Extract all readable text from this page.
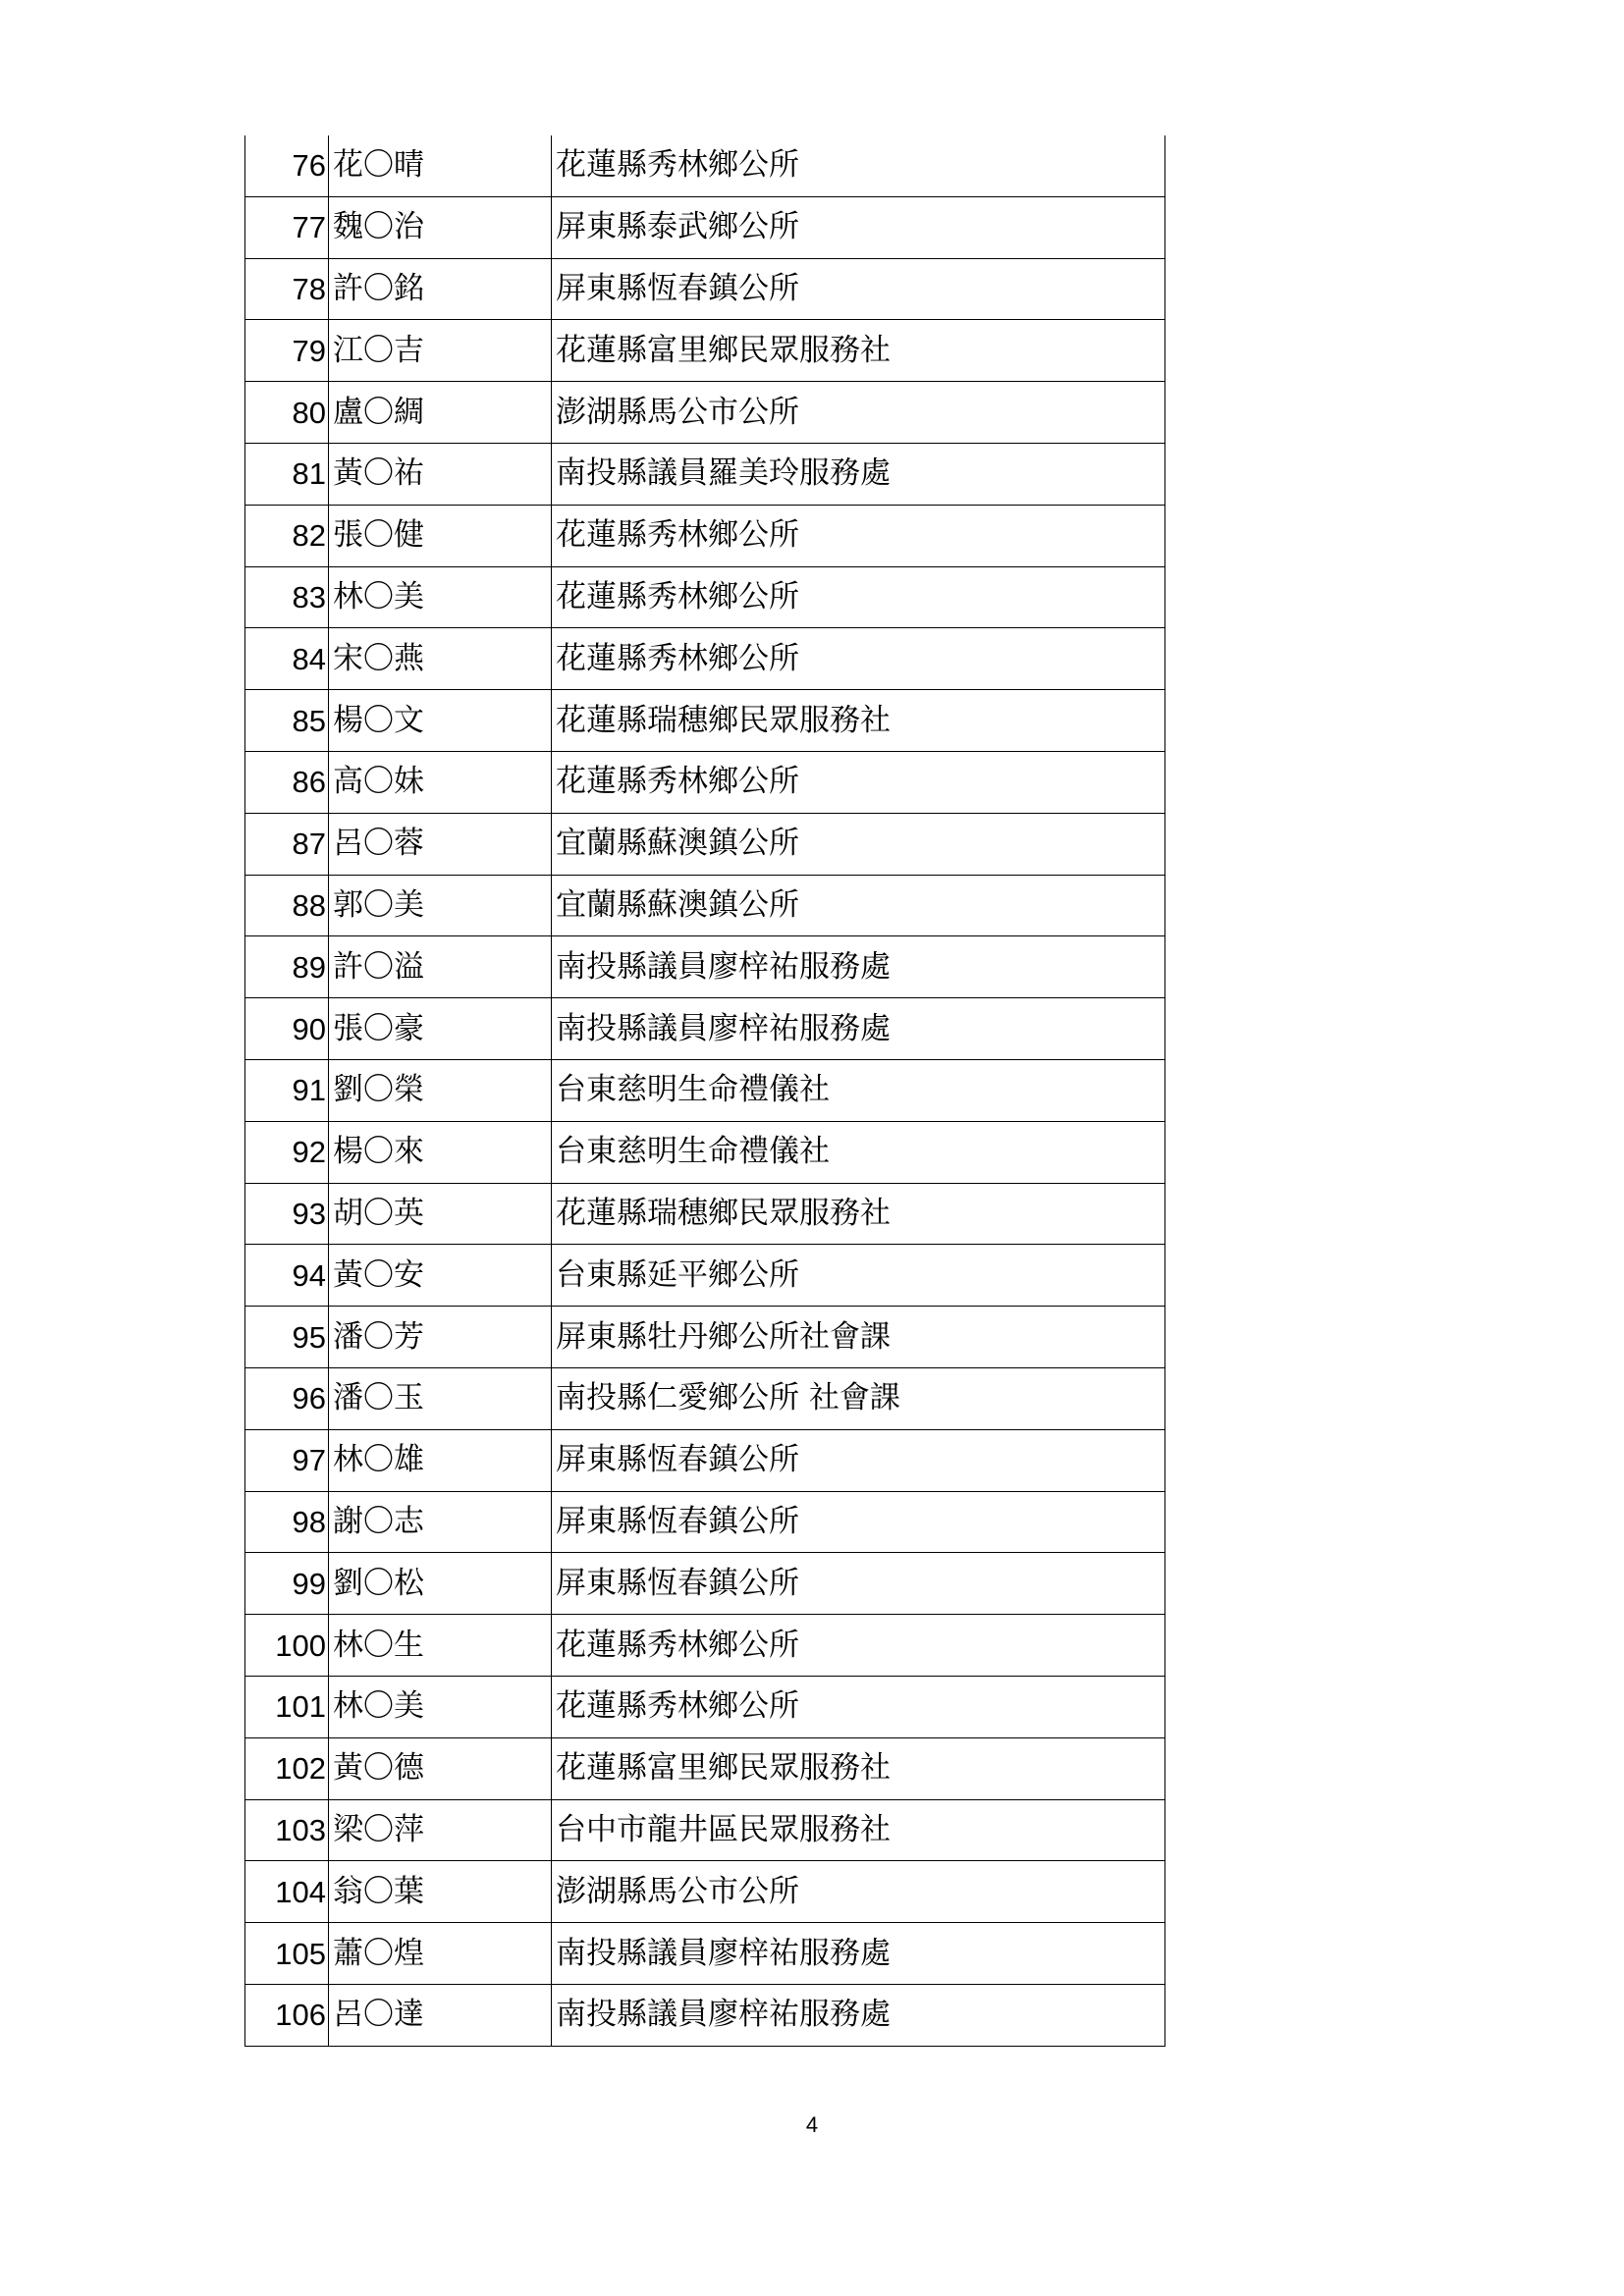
76	花〇晴	花蓮縣秀林鄉公所
77	魏〇治	屏東縣泰武鄉公所
78	許〇銘	屏東縣恆春鎮公所
79	江〇吉	花蓮縣富里鄉民眾服務社
80	盧〇綢	澎湖縣馬公市公所
81	黃〇祐	南投縣議員羅美玲服務處
82	張〇健	花蓮縣秀林鄉公所
83	林〇美	花蓮縣秀林鄉公所
84	宋〇燕	花蓮縣秀林鄉公所
85	楊〇文	花蓮縣瑞穗鄉民眾服務社
86	高〇妹	花蓮縣秀林鄉公所
87	呂〇蓉	宜蘭縣蘇澳鎮公所
88	郭〇美	宜蘭縣蘇澳鎮公所
89	許〇溢	南投縣議員廖梓祐服務處
90	張〇豪	南投縣議員廖梓祐服務處
91	劉〇榮	台東慈明生命禮儀社
92	楊〇來	台東慈明生命禮儀社
93	胡〇英	花蓮縣瑞穗鄉民眾服務社
94	黃〇安	台東縣延平鄉公所
95	潘〇芳	屏東縣牡丹鄉公所社會課
96	潘〇玉	南投縣仁愛鄉公所 社會課
97	林〇雄	屏東縣恆春鎮公所
98	謝〇志	屏東縣恆春鎮公所
99	劉〇松	屏東縣恆春鎮公所
100	林〇生	花蓮縣秀林鄉公所
101	林〇美	花蓮縣秀林鄉公所
102	黃〇德	花蓮縣富里鄉民眾服務社
103	梁〇萍	台中市龍井區民眾服務社
104	翁〇葉	澎湖縣馬公市公所
105	蕭〇煌	南投縣議員廖梓祐服務處
106	呂〇達	南投縣議員廖梓祐服務處
4
